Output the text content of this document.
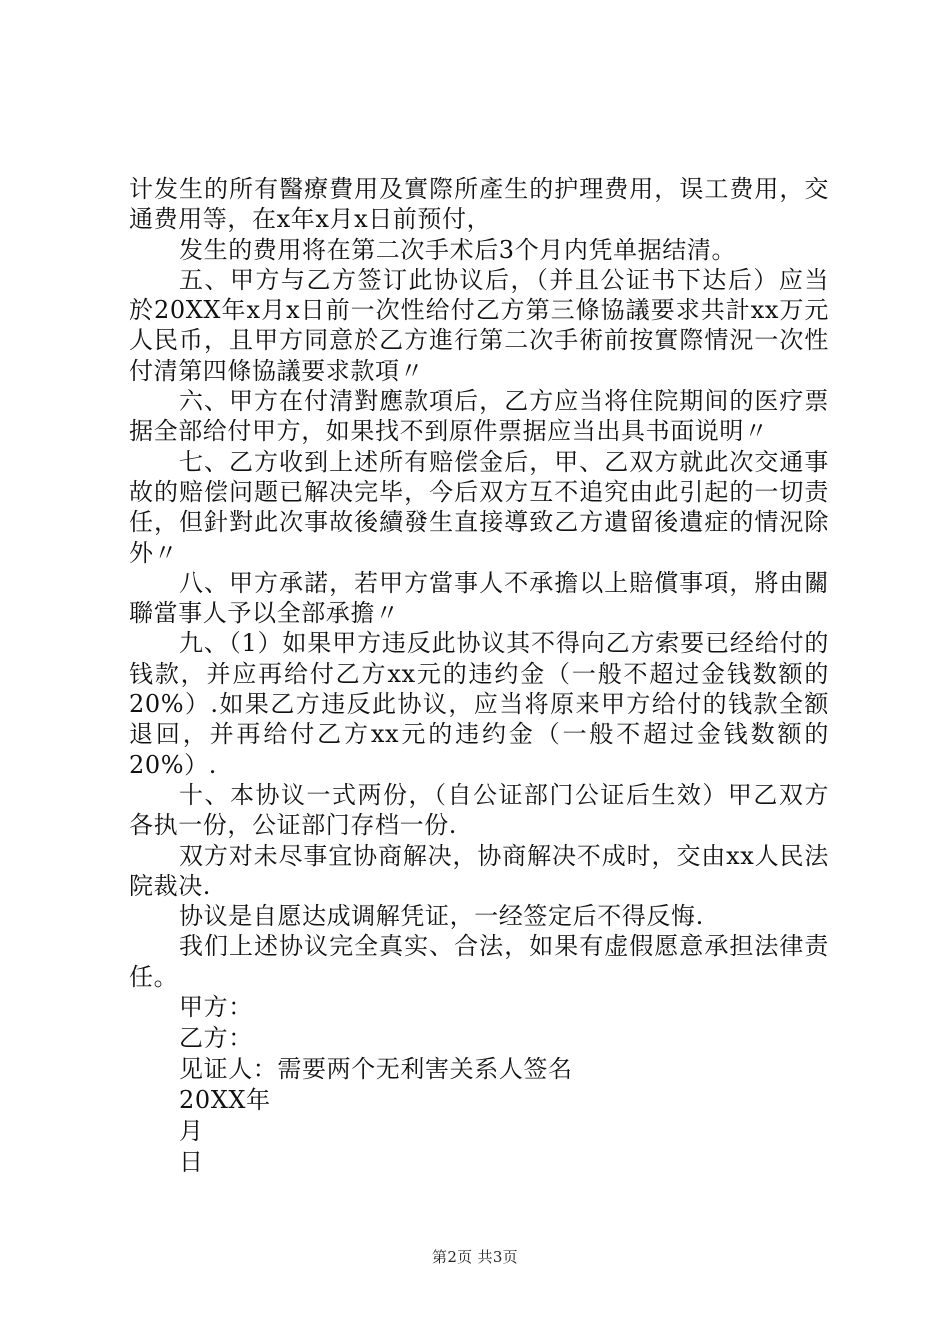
计发生的所有醫療費用及實際所產生的护理费用，误工费用，交通费用等，在x年x月x日前预付，

发生的费用将在第二次手术后3个月内凭单据结清。

五、甲方与乙方签订此协议后，（并且公证书下达后）应当於20XX年x月x日前一次性给付乙方第三條協議要求共計xx万元人民币，且甲方同意於乙方進行第二次手術前按實際情況一次性付清第四條協議要求款項〃

六、甲方在付清對應款項后，乙方应当将住院期间的医疗票据全部给付甲方，如果找不到原件票据应当出具书面说明〃

七、乙方收到上述所有赔偿金后，甲、乙双方就此次交通事故的赔偿问题已解决完毕，今后双方互不追究由此引起的一切责任，但針對此次事故後續發生直接導致乙方遺留後遺症的情況除外〃

八、甲方承諾，若甲方當事人不承擔以上賠償事項，將由關聯當事人予以全部承擔〃

九、（1）如果甲方违反此协议其不得向乙方索要已经给付的钱款，并应再给付乙方xx元的违约金（一般不超过金钱数额的20%）.如果乙方违反此协议，应当将原来甲方给付的钱款全额退回，并再给付乙方xx元的违约金（一般不超过金钱数额的20%）.

十、本协议一式两份，（自公证部门公证后生效）甲乙双方各执一份，公证部门存档一份.

双方对未尽事宜协商解决，协商解决不成时，交由xx人民法院裁决.

协议是自愿达成调解凭证，一经签定后不得反悔.

我们上述协议完全真实、合法，如果有虚假愿意承担法律责任。

甲方：
乙方：
见证人：需要两个无利害关系人签名
20XX年
月
日
第2页 共3页
